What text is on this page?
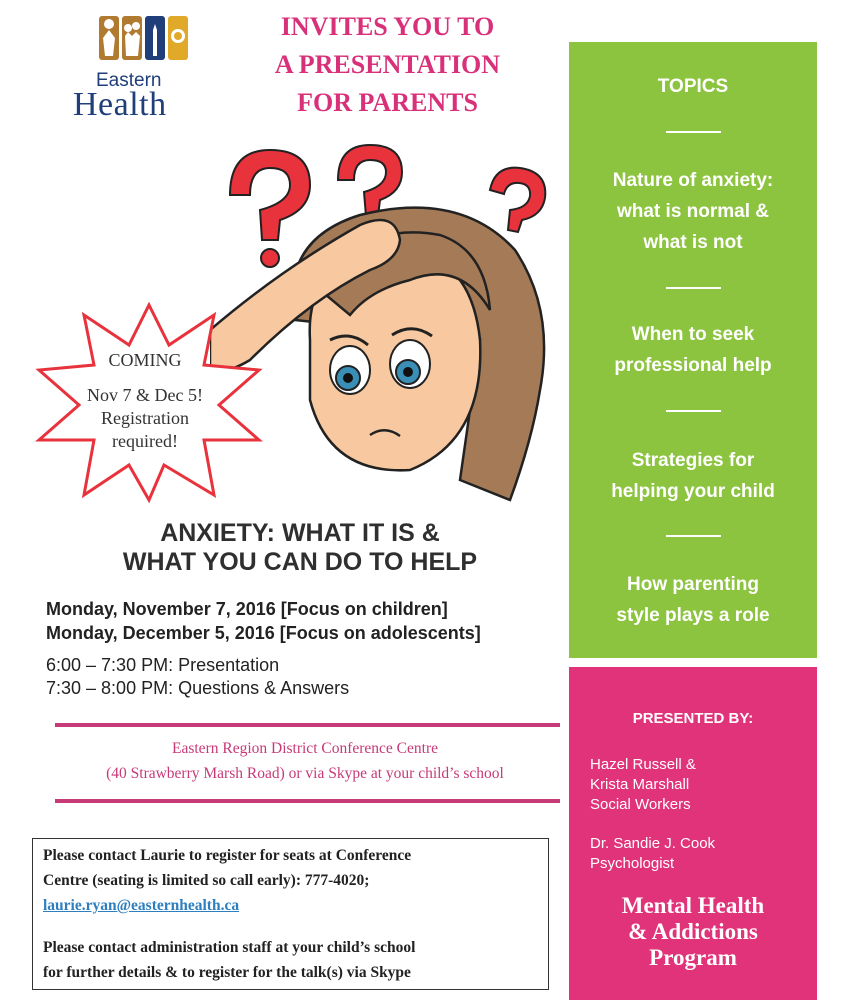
Eastern
Health
INVITES YOU TO
A PRESENTATION
FOR PARENTS
COMING
Nov 7 & Dec 5!
Registration
required!
ANXIETY: WHAT IT IS &
WHAT YOU CAN DO TO HELP
Monday, November 7, 2016 [Focus on children]
Monday, December 5, 2016 [Focus on adolescents]
6:00 – 7:30 PM: Presentation
7:30 – 8:00 PM: Questions & Answers
Eastern Region District Conference Centre
(40 Strawberry Marsh Road) or via Skype at your child’s school
Please contact Laurie to register for seats at Conference
Centre (seating is limited so call early): 777-4020;
laurie.ryan@easternhealth.ca
Please contact administration staff at your child’s school
for further details & to register for the talk(s) via Skype
TOPICS
Nature of anxiety:
what is normal &
what is not
When to seek
professional help
Strategies for
helping your child
How parenting
style plays a role
PRESENTED BY:
Hazel Russell &
Krista Marshall
Social Workers
Dr. Sandie J. Cook
Psychologist
Mental Health
& Addictions
Program
